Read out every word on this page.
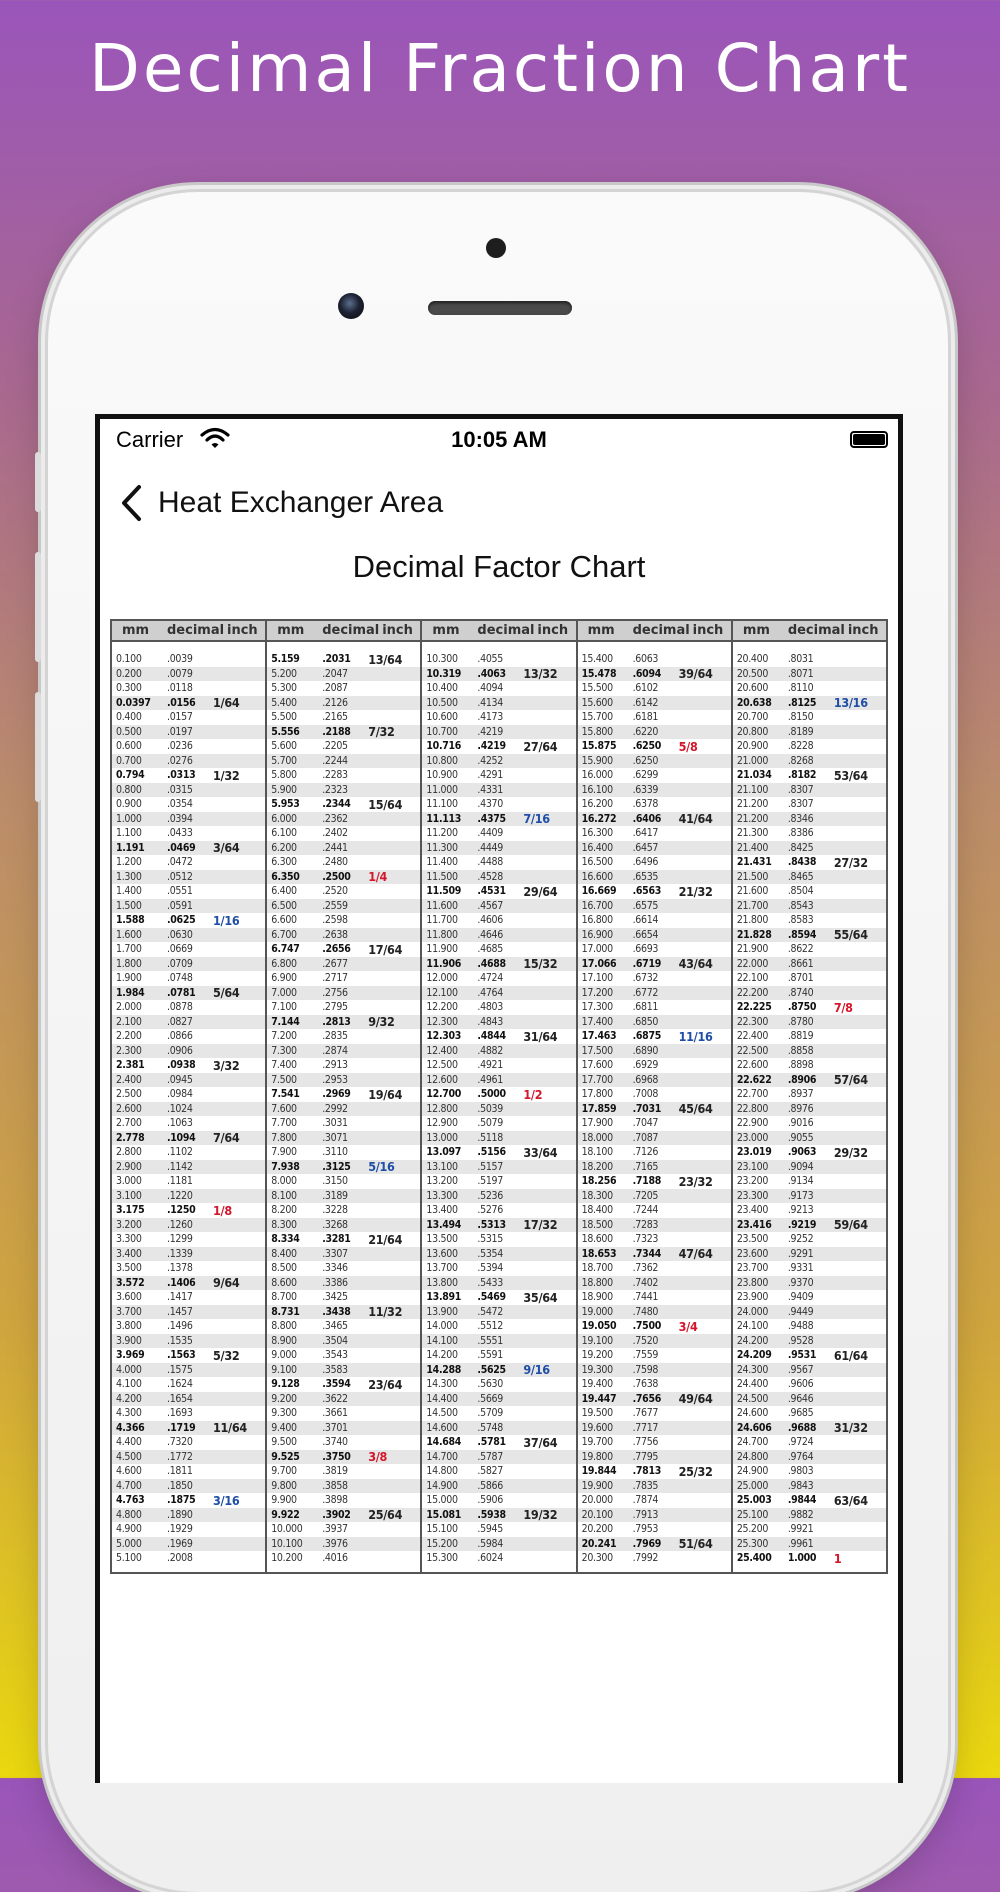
Decimal Fraction Chart
Carrier	10:05 AM
Heat Exchanger Area
Decimal Factor Chart
mm	decimal inch
0.100	.0039
0.200	.0079
0.300	.0118
0.0397	.0156	1/64
0.400	.0157
0.500	.0197
0.600	.0236
0.700	.0276
0.794	.0313	1/32
0.800	.0315
0.900	.0354
1.000	.0394
1.100	.0433
1.191	.0469	3/64
1.200	.0472
1.300	.0512
1.400	.0551
1.500	.0591
1.588	.0625	1/16
1.600	.0630
1.700	.0669
1.800	.0709
1.900	.0748
1.984	.0781	5/64
2.000	.0878
2.100	.0827
2.200	.0866
2.300	.0906
2.381	.0938	3/32
2.400	.0945
2.500	.0984
2.600	.1024
2.700	.1063
2.778	.1094	7/64
2.800	.1102
2.900	.1142
3.000	.1181
3.100	.1220
3.175	.1250	1/8
3.200	.1260
3.300	.1299
3.400	.1339
3.500	.1378
3.572	.1406	9/64
3.600	.1417
3.700	.1457
3.800	.1496
3.900	.1535
3.969	.1563	5/32
4.000	.1575
4.100	.1624
4.200	.1654
4.300	.1693
4.366	.1719	11/64
4.400	.7320
4.500	.1772
4.600	.1811
4.700	.1850
4.763	.1875	3/16
4.800	.1890
4.900	.1929
5.000	.1969
5.100	.2008
mm	decimal inch
5.159	.2031	13/64
5.200	.2047
5.300	.2087
5.400	.2126
5.500	.2165
5.556	.2188	7/32
5.600	.2205
5.700	.2244
5.800	.2283
5.900	.2323
5.953	.2344	15/64
6.000	.2362
6.100	.2402
6.200	.2441
6.300	.2480
6.350	.2500	1/4
6.400	.2520
6.500	.2559
6.600	.2598
6.700	.2638
6.747	.2656	17/64
6.800	.2677
6.900	.2717
7.000	.2756
7.100	.2795
7.144	.2813	9/32
7.200	.2835
7.300	.2874
7.400	.2913
7.500	.2953
7.541	.2969	19/64
7.600	.2992
7.700	.3031
7.800	.3071
7.900	.3110
7.938	.3125	5/16
8.000	.3150
8.100	.3189
8.200	.3228
8.300	.3268
8.334	.3281	21/64
8.400	.3307
8.500	.3346
8.600	.3386
8.700	.3425
8.731	.3438	11/32
8.800	.3465
8.900	.3504
9.000	.3543
9.100	.3583
9.128	.3594	23/64
9.200	.3622
9.300	.3661
9.400	.3701
9.500	.3740
9.525	.3750	3/8
9.700	.3819
9.800	.3858
9.900	.3898
9.922	.3902	25/64
10.000	.3937
10.100	.3976
10.200	.4016
mm	decimal inch
10.300	.4055
10.319	.4063	13/32
10.400	.4094
10.500	.4134
10.600	.4173
10.700	.4219
10.716	.4219	27/64
10.800	.4252
10.900	.4291
11.000	.4331
11.100	.4370
11.113	.4375	7/16
11.200	.4409
11.300	.4449
11.400	.4488
11.500	.4528
11.509	.4531	29/64
11.600	.4567
11.700	.4606
11.800	.4646
11.900	.4685
11.906	.4688	15/32
12.000	.4724
12.100	.4764
12.200	.4803
12.300	.4843
12.303	.4844	31/64
12.400	.4882
12.500	.4921
12.600	.4961
12.700	.5000	1/2
12.800	.5039
12.900	.5079
13.000	.5118
13.097	.5156	33/64
13.100	.5157
13.200	.5197
13.300	.5236
13.400	.5276
13.494	.5313	17/32
13.500	.5315
13.600	.5354
13.700	.5394
13.800	.5433
13.891	.5469	35/64
13.900	.5472
14.000	.5512
14.100	.5551
14.200	.5591
14.288	.5625	9/16
14.300	.5630
14.400	.5669
14.500	.5709
14.600	.5748
14.684	.5781	37/64
14.700	.5787
14.800	.5827
14.900	.5866
15.000	.5906
15.081	.5938	19/32
15.100	.5945
15.200	.5984
15.300	.6024
mm	decimal inch
15.400	.6063
15.478	.6094	39/64
15.500	.6102
15.600	.6142
15.700	.6181
15.800	.6220
15.875	.6250	5/8
15.900	.6250
16.000	.6299
16.100	.6339
16.200	.6378
16.272	.6406	41/64
16.300	.6417
16.400	.6457
16.500	.6496
16.600	.6535
16.669	.6563	21/32
16.700	.6575
16.800	.6614
16.900	.6654
17.000	.6693
17.066	.6719	43/64
17.100	.6732
17.200	.6772
17.300	.6811
17.400	.6850
17.463	.6875	11/16
17.500	.6890
17.600	.6929
17.700	.6968
17.800	.7008
17.859	.7031	45/64
17.900	.7047
18.000	.7087
18.100	.7126
18.200	.7165
18.256	.7188	23/32
18.300	.7205
18.400	.7244
18.500	.7283
18.600	.7323
18.653	.7344	47/64
18.700	.7362
18.800	.7402
18.900	.7441
19.000	.7480
19.050	.7500	3/4
19.100	.7520
19.200	.7559
19.300	.7598
19.400	.7638
19.447	.7656	49/64
19.500	.7677
19.600	.7717
19.700	.7756
19.800	.7795
19.844	.7813	25/32
19.900	.7835
20.000	.7874
20.100	.7913
20.200	.7953
20.241	.7969	51/64
20.300	.7992
mm	decimal inch
20.400	.8031
20.500	.8071
20.600	.8110
20.638	.8125	13/16
20.700	.8150
20.800	.8189
20.900	.8228
21.000	.8268
21.034	.8182	53/64
21.100	.8307
21.200	.8307
21.200	.8346
21.300	.8386
21.400	.8425
21.431	.8438	27/32
21.500	.8465
21.600	.8504
21.700	.8543
21.800	.8583
21.828	.8594	55/64
21.900	.8622
22.000	.8661
22.100	.8701
22.200	.8740
22.225	.8750	7/8
22.300	.8780
22.400	.8819
22.500	.8858
22.600	.8898
22.622	.8906	57/64
22.700	.8937
22.800	.8976
22.900	.9016
23.000	.9055
23.019	.9063	29/32
23.100	.9094
23.200	.9134
23.300	.9173
23.400	.9213
23.416	.9219	59/64
23.500	.9252
23.600	.9291
23.700	.9331
23.800	.9370
23.900	.9409
24.000	.9449
24.100	.9488
24.200	.9528
24.209	.9531	61/64
24.300	.9567
24.400	.9606
24.500	.9646
24.600	.9685
24.606	.9688	31/32
24.700	.9724
24.800	.9764
24.900	.9803
25.000	.9843
25.003	.9844	63/64
25.100	.9882
25.200	.9921
25.300	.9961
25.400	1.000	1
